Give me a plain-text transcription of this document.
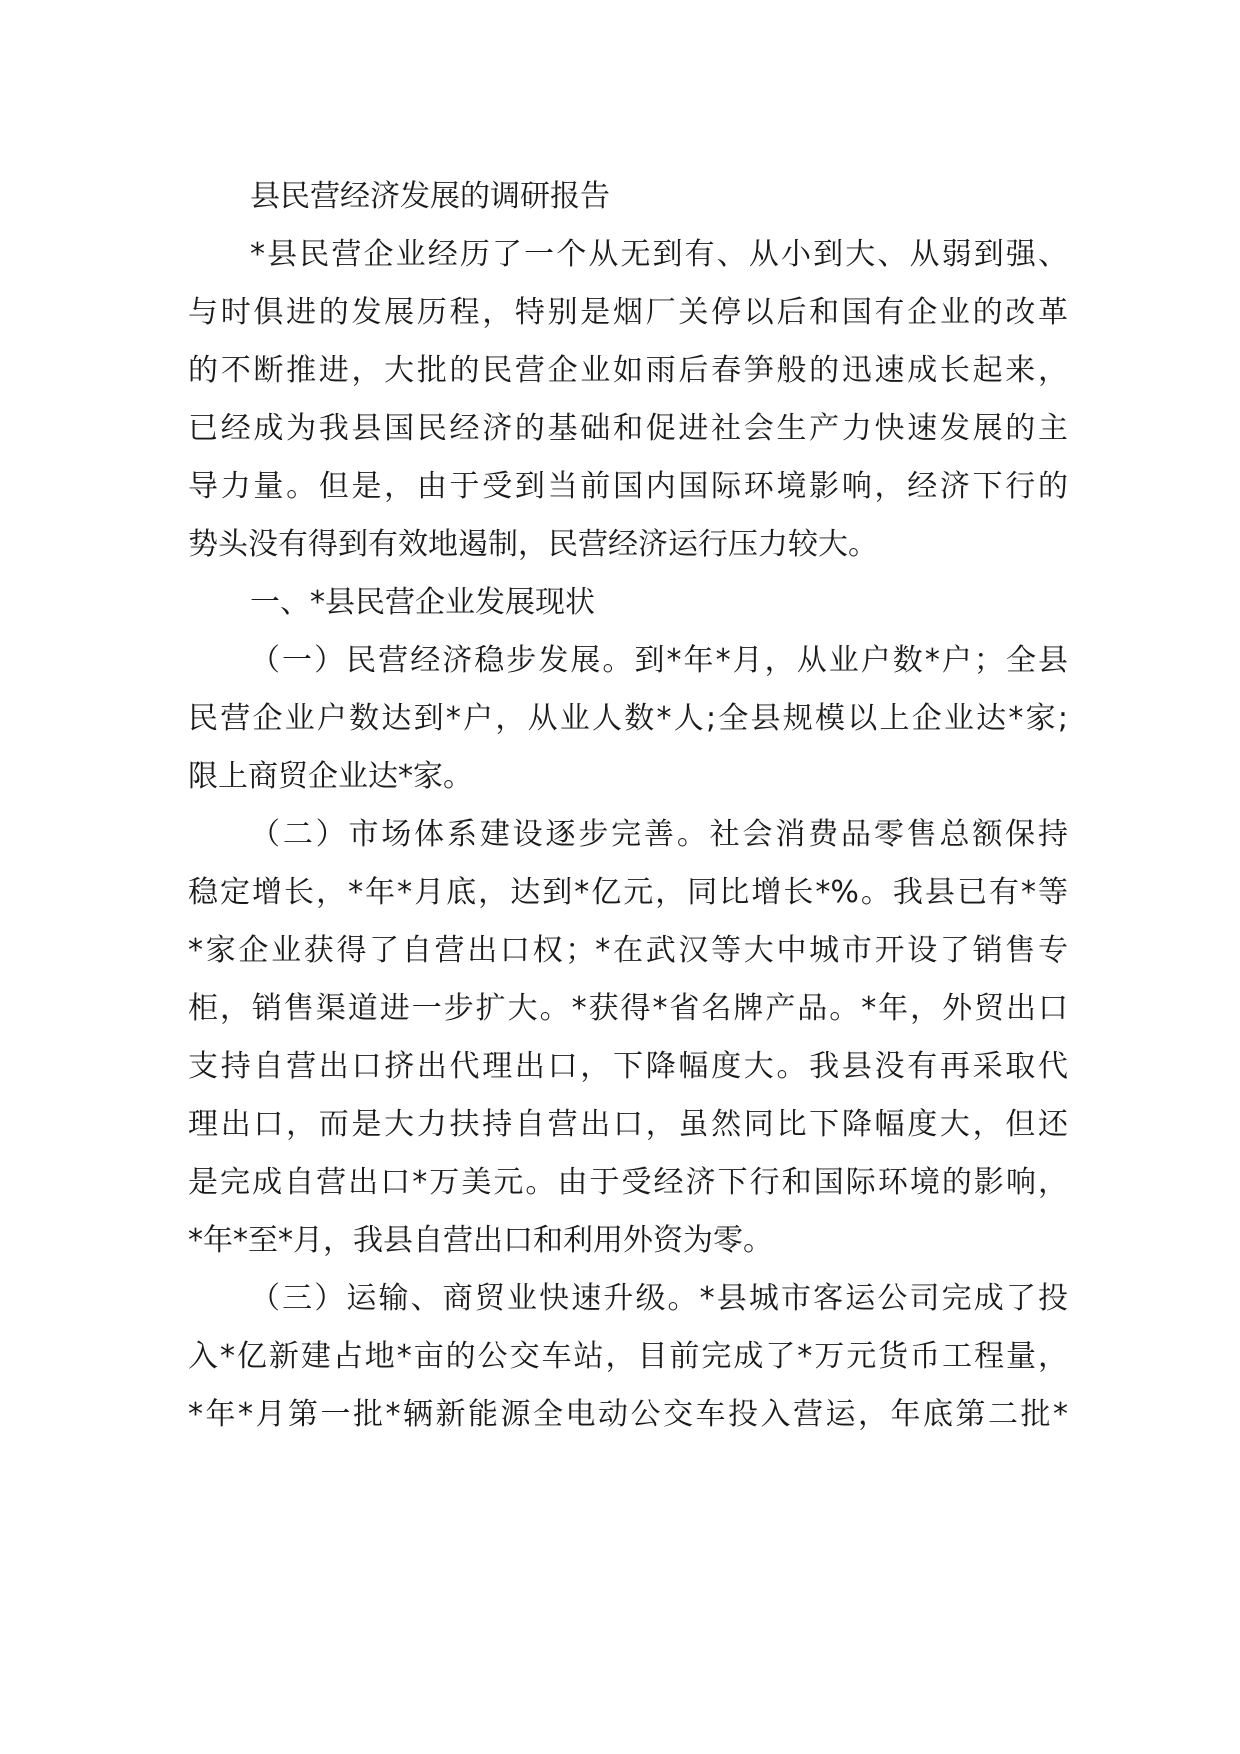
县民营经济发展的调研报告
*县民营企业经历了一个从无到有、从小到大、从弱到强、
与时俱进的发展历程，特别是烟厂关停以后和国有企业的改革
的不断推进，大批的民营企业如雨后春笋般的迅速成长起来，
已经成为我县国民经济的基础和促进社会生产力快速发展的主
导力量。但是，由于受到当前国内国际环境影响，经济下行的
势头没有得到有效地遏制，民营经济运行压力较大。
一、*县民营企业发展现状
（一）民营经济稳步发展。到*年*月，从业户数*户；全县
民营企业户数达到*户，从业人数*人;全县规模以上企业达*家;
限上商贸企业达*家。
（二）市场体系建设逐步完善。社会消费品零售总额保持
稳定增长，*年*月底，达到*亿元，同比增长*%。我县已有*等
*家企业获得了自营出口权；*在武汉等大中城市开设了销售专
柜，销售渠道进一步扩大。*获得*省名牌产品。*年，外贸出口
支持自营出口挤出代理出口，下降幅度大。我县没有再采取代
理出口，而是大力扶持自营出口，虽然同比下降幅度大，但还
是完成自营出口*万美元。由于受经济下行和国际环境的影响，
*年*至*月，我县自营出口和利用外资为零。
（三）运输、商贸业快速升级。*县城市客运公司完成了投
入*亿新建占地*亩的公交车站，目前完成了*万元货币工程量，
*年*月第一批*辆新能源全电动公交车投入营运，年底第二批*
